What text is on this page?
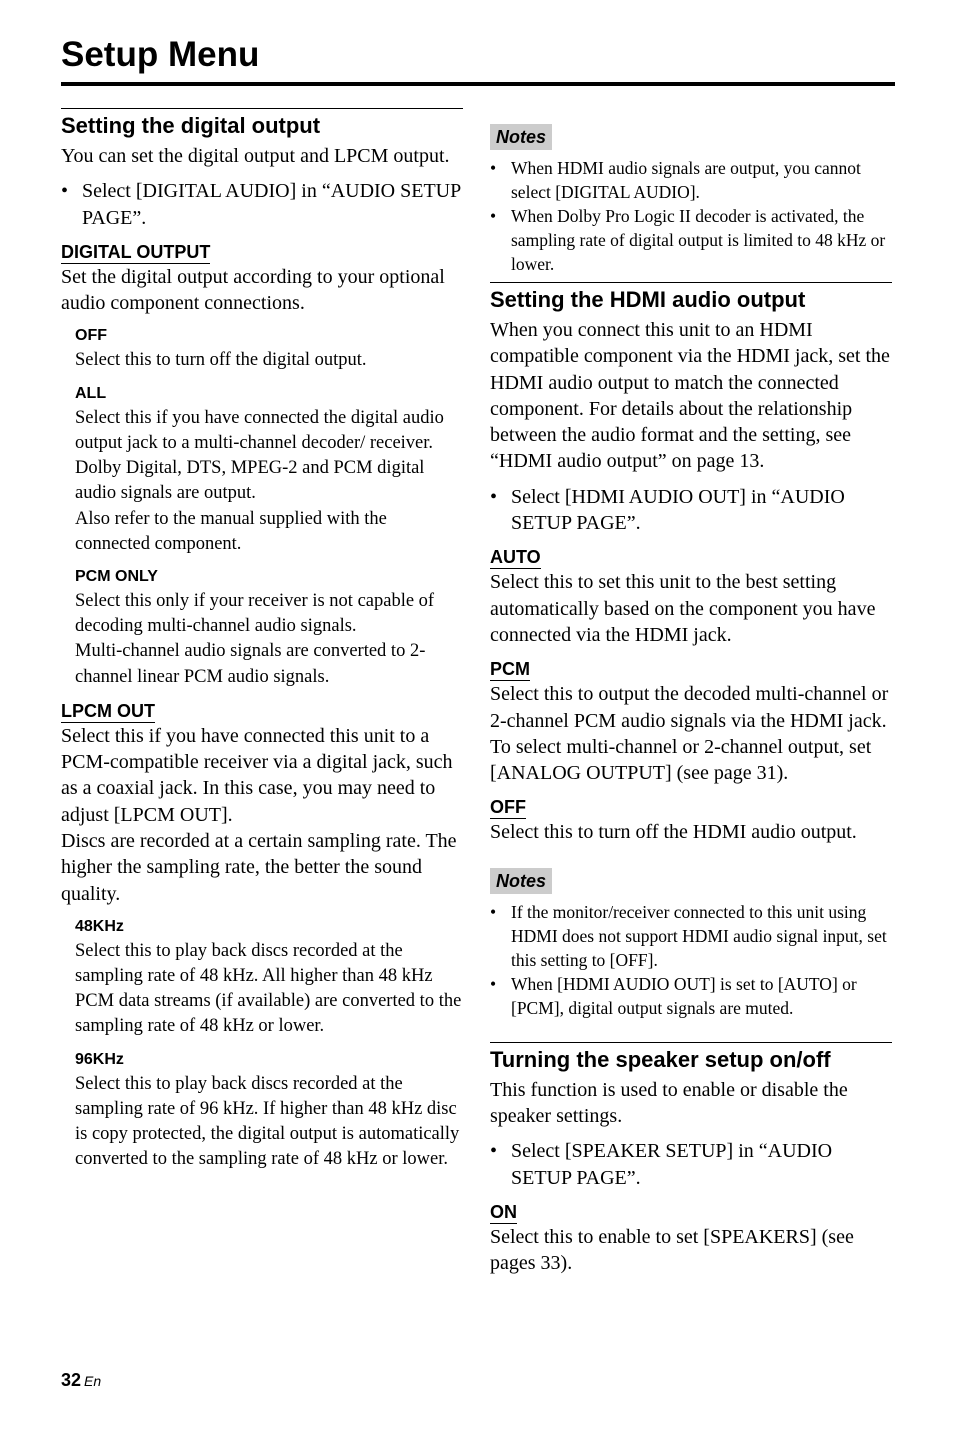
Setup Menu
Setting the digital output

You can set the digital output and LPCM output.

• Select [DIGITAL AUDIO] in “AUDIO SETUP PAGE”.
DIGITAL OUTPUT

Set the digital output according to your optional audio component connections.

OFF

Select this to turn off the digital output.

ALL

Select this if you have connected the digital audio output jack to a multi-channel decoder/ receiver.

Dolby Digital, DTS, MPEG-2 and PCM digital audio signals are output.

Also refer to the manual supplied with the connected component.

PCM ONLY

Select this only if your receiver is not capable of decoding multi-channel audio signals.

Multi-channel audio signals are converted to 2-channel linear PCM audio signals.

LPCM OUT

Select this if you have connected this unit to a PCM-compatible receiver via a digital jack, such as a coaxial jack. In this case, you may need to adjust [LPCM OUT].

Discs are recorded at a certain sampling rate. The higher the sampling rate, the better the sound quality.

48KHz

Select this to play back discs recorded at the sampling rate of 48 kHz. All higher than 48 kHz PCM data streams (if available) are converted to the sampling rate of 48 kHz or lower.

96KHz

Select this to play back discs recorded at the sampling rate of 96 kHz. If higher than 48 kHz disc is copy protected, the digital output is automatically converted to the sampling rate of 48 kHz or lower.

Notes
• When HDMI audio signals are output, you cannot select [DIGITAL AUDIO].
• When Dolby Pro Logic II decoder is activated, the sampling rate of digital output is limited to 48 kHz or lower.
Setting the HDMI audio output

When you connect this unit to an HDMI compatible component via the HDMI jack, set the HDMI audio output to match the connected component. For details about the relationship between the audio format and the setting, see “HDMI audio output” on page 13.

• Select [HDMI AUDIO OUT] in “AUDIO SETUP PAGE”.
AUTO

Select this to set this unit to the best setting automatically based on the component you have connected via the HDMI jack.

PCM

Select this to output the decoded multi-channel or 2-channel PCM audio signals via the HDMI jack. To select multi-channel or 2-channel output, set [ANALOG OUTPUT] (see page 31).

OFF

Select this to turn off the HDMI audio output.

Notes
• If the monitor/receiver connected to this unit using HDMI does not support HDMI audio signal input, set this setting to [OFF].
• When [HDMI AUDIO OUT] is set to [AUTO] or [PCM], digital output signals are muted.
Turning the speaker setup on/off

This function is used to enable or disable the speaker settings.

• Select [SPEAKER SETUP] in “AUDIO SETUP PAGE”.
ON

Select this to enable to set [SPEAKERS] (see pages 33).

32 En
